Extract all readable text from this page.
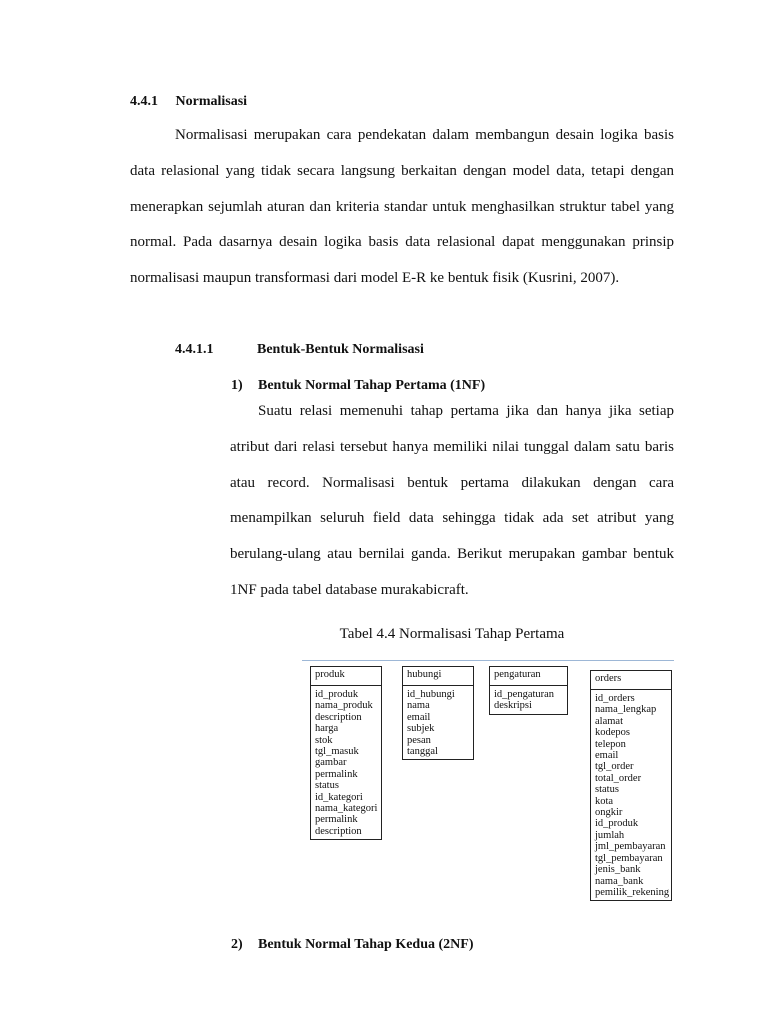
4.4.1 Normalisasi

Normalisasi merupakan cara pendekatan dalam membangun desain logika basis data relasional yang tidak secara langsung berkaitan dengan model data, tetapi dengan menerapkan sejumlah aturan dan kriteria standar untuk menghasilkan struktur tabel yang normal. Pada dasarnya desain logika basis data relasional dapat menggunakan prinsip normalisasi maupun transformasi dari model E-R ke bentuk fisik (Kusrini, 2007).

4.4.1.1	Bentuk-Bentuk Normalisasi
1) Bentuk Normal Tahap Pertama (1NF)

Suatu relasi memenuhi tahap pertama jika dan hanya jika setiap atribut dari relasi tersebut hanya memiliki nilai tunggal dalam satu baris atau record. Normalisasi bentuk pertama dilakukan dengan cara menampilkan seluruh field data sehingga tidak ada set atribut yang berulang-ulang atau bernilai ganda. Berikut merupakan gambar bentuk 1NF pada tabel database murakabicraft.

Tabel 4.4 Normalisasi Tahap Pertama
produk
id_produk
nama_produk
description
harga
stok
tgl_masuk
gambar
permalink
status
id_kategori
nama_kategori
permalink
description
hubungi
id_hubungi
nama
email
subjek
pesan
tanggal
pengaturan
id_pengaturan
deskripsi
orders
id_orders
nama_lengkap
alamat
kodepos
telepon
email
tgl_order
total_order
status
kota
ongkir
id_produk
jumlah
jml_pembayaran
tgl_pembayaran
jenis_bank
nama_bank
pemilik_rekening
2) Bentuk Normal Tahap Kedua (2NF)
